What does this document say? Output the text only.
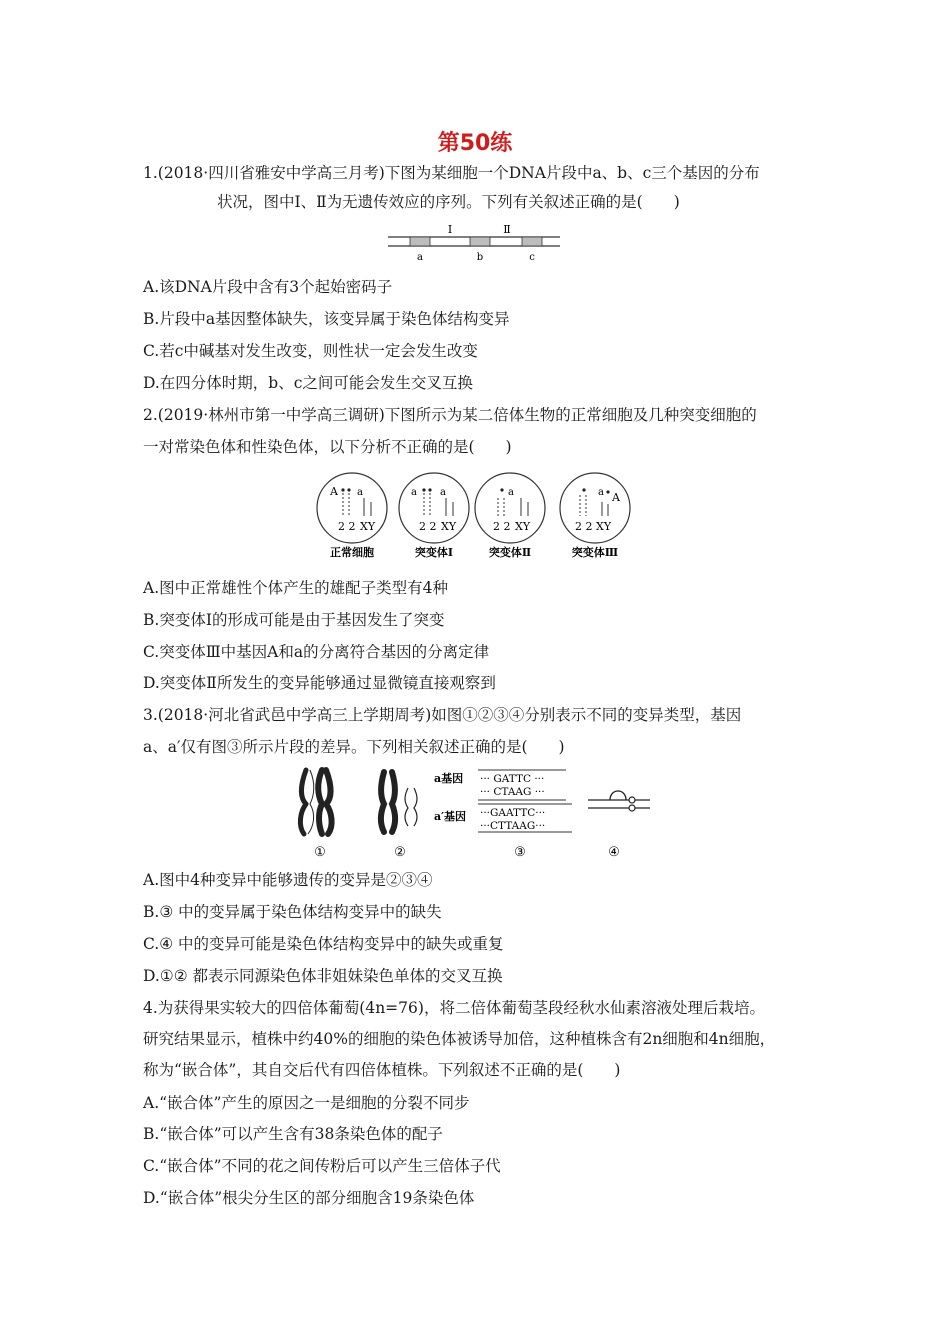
第50练
1.(2018·四川省雅安中学高三月考)下图为某细胞一个DNA片段中a、b、c三个基因的分布
状况，图中Ⅰ、Ⅱ为无遗传效应的序列。下列有关叙述正确的是(　　)
Ⅰ	Ⅱ
a	b	c
A.该DNA片段中含有3个起始密码子
B.片段中a基因整体缺失，该变异属于染色体结构变异
C.若c中碱基对发生改变，则性状一定会发生改变
D.在四分体时期，b、c之间可能会发生交叉互换
2.(2019·林州市第一中学高三调研)下图所示为某二倍体生物的正常细胞及几种突变细胞的
一对常染色体和性染色体，以下分析不正确的是(　　)
A a
2 2 XY
正常细胞
a a
2 2 XY
突变体Ⅰ
a
2 2 XY
突变体Ⅱ
a A
2 2 XY
突变体Ⅲ
A.图中正常雄性个体产生的雄配子类型有4种
B.突变体Ⅰ的形成可能是由于基因发生了突变
C.突变体Ⅲ中基因A和a的分离符合基因的分离定律
D.突变体Ⅱ所发生的变异能够通过显微镜直接观察到
3.(2018·河北省武邑中学高三上学期周考)如图①②③④分别表示不同的变异类型，基因
a、a′仅有图③所示片段的差异。下列相关叙述正确的是(　　)
①	②
a基因
a′基因
··· GATTC ···
··· CTAAG ···
···GAATTC···
···CTTAAG···
③	④
A.图中4种变异中能够遗传的变异是②③④
B.③ 中的变异属于染色体结构变异中的缺失
C.④ 中的变异可能是染色体结构变异中的缺失或重复
D.①② 都表示同源染色体非姐妹染色单体的交叉互换
4.为获得果实较大的四倍体葡萄(4n=76)，将二倍体葡萄茎段经秋水仙素溶液处理后栽培。
研究结果显示，植株中约40%的细胞的染色体被诱导加倍，这种植株含有2n细胞和4n细胞，
称为“嵌合体”，其自交后代有四倍体植株。下列叙述不正确的是(　　)
A.“嵌合体”产生的原因之一是细胞的分裂不同步
B.“嵌合体”可以产生含有38条染色体的配子
C.“嵌合体”不同的花之间传粉后可以产生三倍体子代
D.“嵌合体”根尖分生区的部分细胞含19条染色体
